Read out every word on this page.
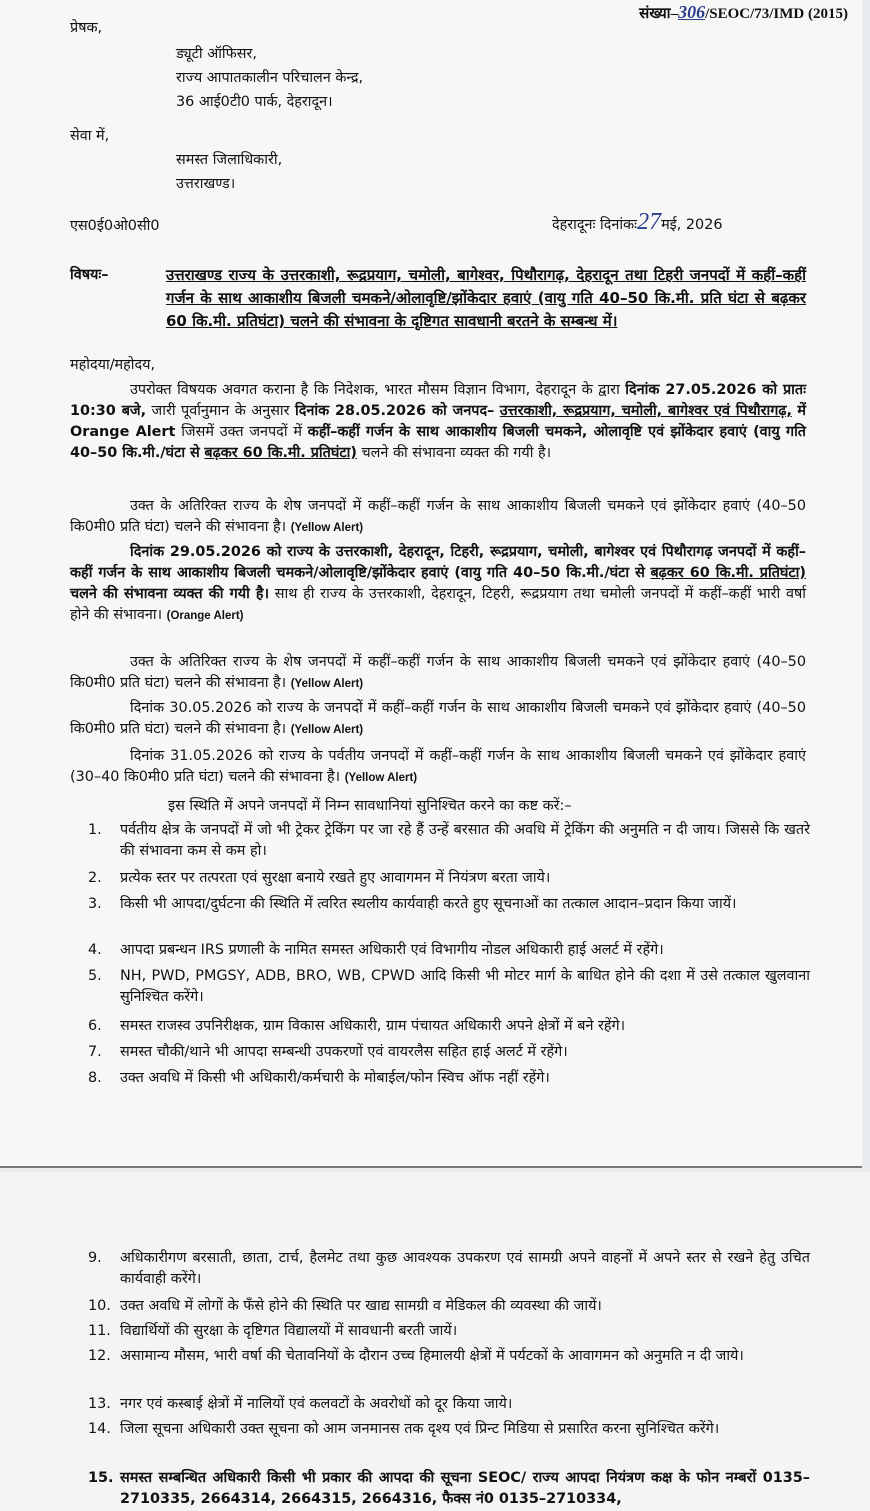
संख्या–306/SEOC/73/IMD (2015)
प्रेषक,
ड्यूटी ऑफिसर,
राज्य आपातकालीन परिचालन केन्द्र,
36 आई0टी0 पार्क, देहरादून।
सेवा में,
समस्त जिलाधिकारी,
उत्तराखण्ड।
एस0ई0ओ0सी0	देहरादूनः दिनांकः27मई, 2026
विषयः–	उत्तराखण्ड राज्य के उत्तरकाशी, रूद्रप्रयाग, चमोली, बागेश्वर, पिथौरागढ़, देहरादून तथा टिहरी जनपदों में कहीं–कहीं गर्जन के साथ आकाशीय बिजली चमकने/ओलावृष्टि/झोंकेदार हवाएं (वायु गति 40–50 कि.मी. प्रति घंटा से बढ़कर 60 कि.मी. प्रतिघंटा) चलने की संभावना के दृष्टिगत सावधानी बरतने के सम्बन्ध में।
महोदया/महोदय,
उपरोक्त विषयक अवगत कराना है कि निदेशक, भारत मौसम विज्ञान विभाग, देहरादून के द्वारा दिनांक 27.05.2026 को प्रातः 10:30 बजे, जारी पूर्वानुमान के अनुसार दिनांक 28.05.2026 को जनपद– उत्तरकाशी, रूद्रप्रयाग, चमोली, बागेश्वर एवं पिथौरागढ़, में Orange Alert जिसमें उक्त जनपदों में कहीं–कहीं गर्जन के साथ आकाशीय बिजली चमकने, ओलावृष्टि एवं झोंकेदार हवाएं (वायु गति 40–50 कि.मी./घंटा से बढ़कर 60 कि.मी. प्रतिघंटा) चलने की संभावना व्यक्त की गयी है।
उक्त के अतिरिक्त राज्य के शेष जनपदों में कहीं–कहीं गर्जन के साथ आकाशीय बिजली चमकने एवं झोंकेदार हवाएं (40–50 कि0मी0 प्रति घंटा) चलने की संभावना है। (Yellow Alert)
दिनांक 29.05.2026 को राज्य के उत्तरकाशी, देहरादून, टिहरी, रूद्रप्रयाग, चमोली, बागेश्वर एवं पिथौरागढ़ जनपदों में कहीं–कहीं गर्जन के साथ आकाशीय बिजली चमकने/ओलावृष्टि/झोंकेदार हवाएं (वायु गति 40–50 कि.मी./घंटा से बढ़कर 60 कि.मी. प्रतिघंटा) चलने की संभावना व्यक्त की गयी है। साथ ही राज्य के उत्तरकाशी, देहरादून, टिहरी, रूद्रप्रयाग तथा चमोली जनपदों में कहीं–कहीं भारी वर्षा होने की संभावना। (Orange Alert)
उक्त के अतिरिक्त राज्य के शेष जनपदों में कहीं–कहीं गर्जन के साथ आकाशीय बिजली चमकने एवं झोंकेदार हवाएं (40–50 कि0मी0 प्रति घंटा) चलने की संभावना है। (Yellow Alert)
दिनांक 30.05.2026 को राज्य के जनपदों में कहीं–कहीं गर्जन के साथ आकाशीय बिजली चमकने एवं झोंकेदार हवाएं (40–50 कि0मी0 प्रति घंटा) चलने की संभावना है। (Yellow Alert)
दिनांक 31.05.2026 को राज्य के पर्वतीय जनपदों में कहीं–कहीं गर्जन के साथ आकाशीय बिजली चमकने एवं झोंकेदार हवाएं (30–40 कि0मी0 प्रति घंटा) चलने की संभावना है। (Yellow Alert)
इस स्थिति में अपने जनपदों में निम्न सावधानियां सुनिश्चित करने का कष्ट करें:–
1.	पर्वतीय क्षेत्र के जनपदों में जो भी ट्रेकर ट्रेकिंग पर जा रहे हैं उन्हें बरसात की अवधि में ट्रेकिंग की अनुमति न दी जाय। जिससे कि खतरे की संभावना कम से कम हो।
2.	प्रत्येक स्तर पर तत्परता एवं सुरक्षा बनाये रखते हुए आवागमन में नियंत्रण बरता जाये।
3.	किसी भी आपदा/दुर्घटना की स्थिति में त्वरित स्थलीय कार्यवाही करते हुए सूचनाओं का तत्काल आदान–प्रदान किया जायें।
4.	आपदा प्रबन्धन IRS प्रणाली के नामित समस्त अधिकारी एवं विभागीय नोडल अधिकारी हाई अलर्ट में रहेंगे।
5.	NH, PWD, PMGSY, ADB, BRO, WB, CPWD आदि किसी भी मोटर मार्ग के बाधित होने की दशा में उसे तत्काल खुलवाना सुनिश्चित करेंगे।
6.	समस्त राजस्व उपनिरीक्षक, ग्राम विकास अधिकारी, ग्राम पंचायत अधिकारी अपने क्षेत्रों में बने रहेंगे।
7.	समस्त चौकी/थाने भी आपदा सम्बन्धी उपकरणों एवं वायरलैस सहित हाई अलर्ट में रहेंगे।
8.	उक्त अवधि में किसी भी अधिकारी/कर्मचारी के मोबाईल/फोन स्विच ऑफ नहीं रहेंगे।
9.	अधिकारीगण बरसाती, छाता, टार्च, हैलमेट तथा कुछ आवश्यक उपकरण एवं सामग्री अपने वाहनों में अपने स्तर से रखने हेतु उचित कार्यवाही करेंगे।
10. उक्त अवधि में लोगों के फँसे होने की स्थिति पर खाद्य सामग्री व मेडिकल की व्यवस्था की जायें।
11. विद्यार्थियों की सुरक्षा के दृष्टिगत विद्यालयों में सावधानी बरती जायें।
12. असामान्य मौसम, भारी वर्षा की चेतावनियों के दौरान उच्च हिमालयी क्षेत्रों में पर्यटकों के आवागमन को अनुमति न दी जाये।
13. नगर एवं कस्बाई क्षेत्रों में नालियों एवं कलवटों के अवरोधों को दूर किया जाये।
14. जिला सूचना अधिकारी उक्त सूचना को आम जनमानस तक दृश्य एवं प्रिन्ट मिडिया से प्रसारित करना सुनिश्चित करेंगे।
15. समस्त सम्बन्धित अधिकारी किसी भी प्रकार की आपदा की सूचना SEOC/ राज्य आपदा नियंत्रण कक्ष के फोन नम्बरों 0135–2710335, 2664314, 2664315, 2664316, फैक्स नं0 0135–2710334,
